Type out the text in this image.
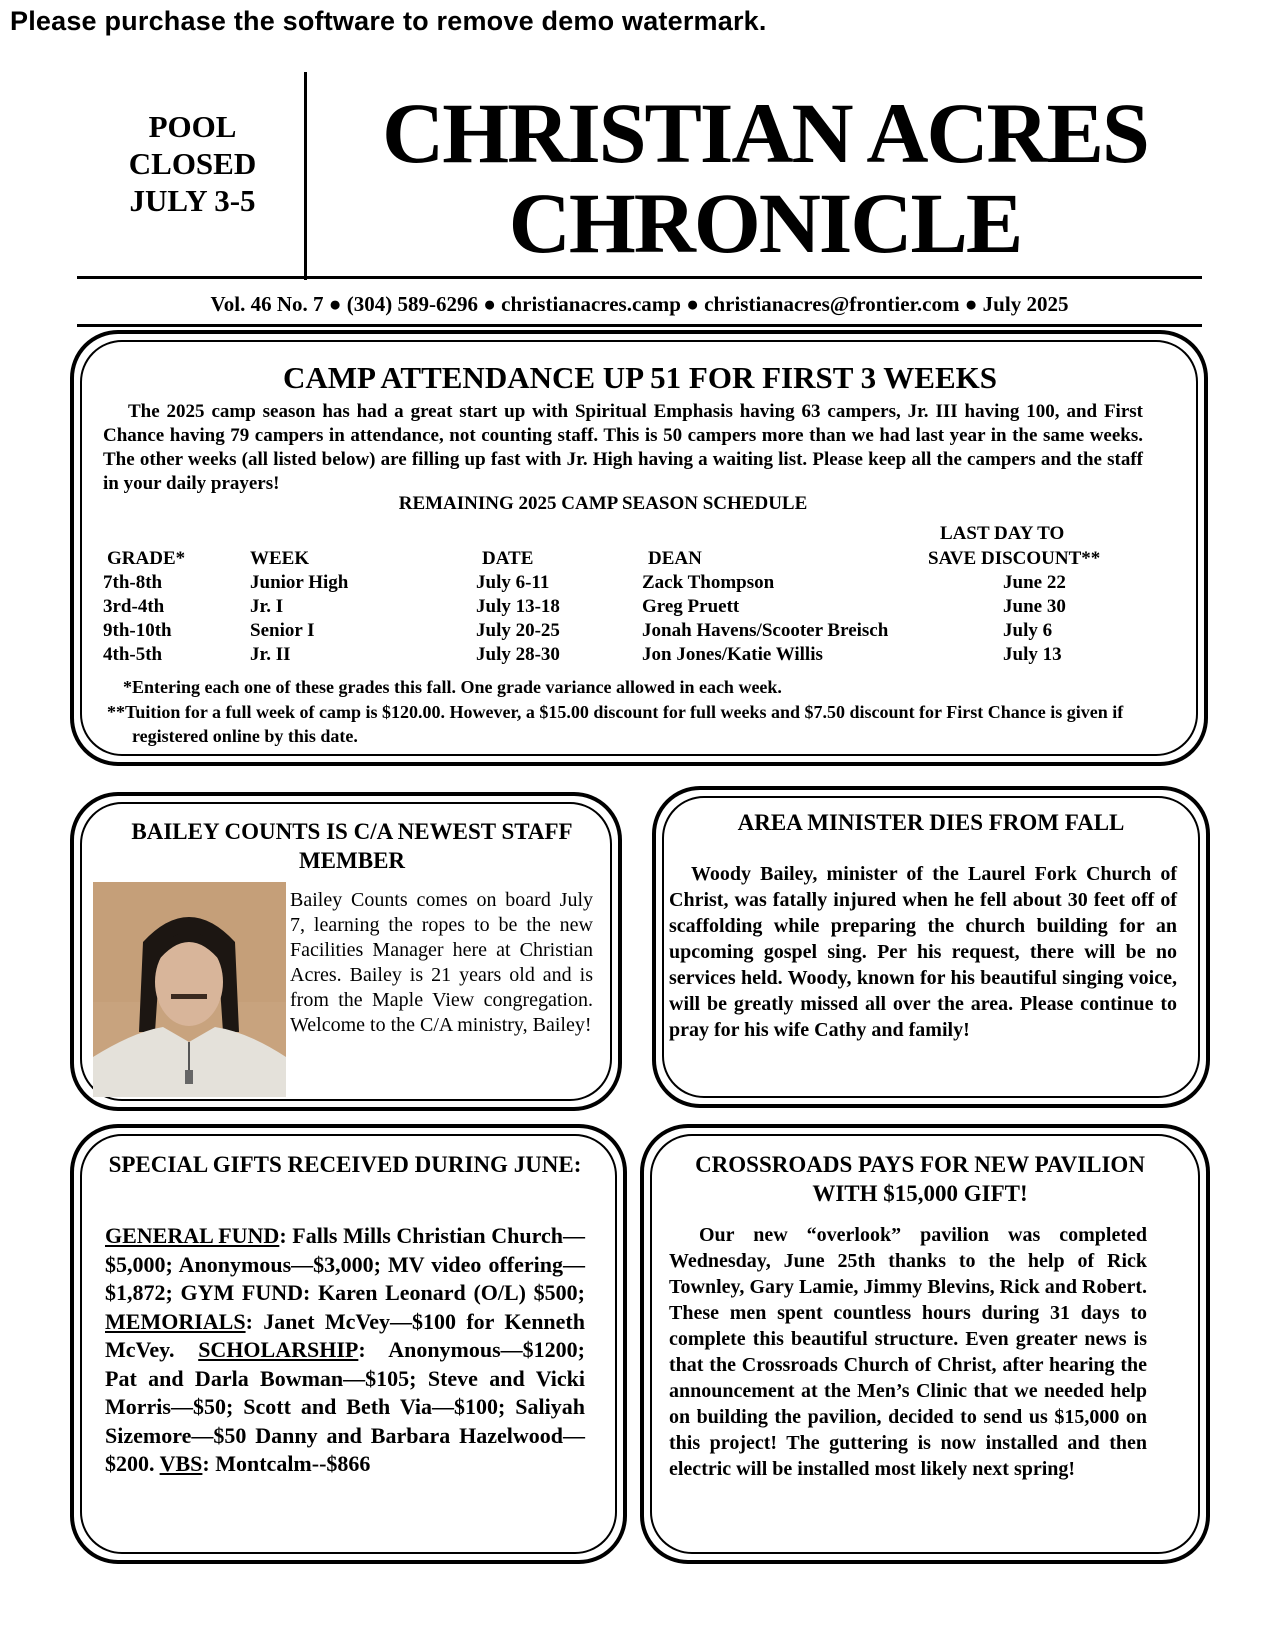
Please purchase the software to remove demo watermark.
POOL
CLOSED
JULY 3-5
CHRISTIAN ACRES
CHRONICLE
Vol. 46 No. 7 ● (304) 589-6296 ● christianacres.camp ● christianacres@frontier.com ● July 2025
CAMP ATTENDANCE UP 51 FOR FIRST 3 WEEKS
The 2025 camp season has had a great start up with Spiritual Emphasis having 63 campers, Jr. III having 100, and First Chance having 79 campers in attendance, not counting staff. This is 50 campers more than we had last year in the same weeks. The other weeks (all listed below) are filling up fast with Jr. High having a waiting list. Please keep all the campers and the staff in your daily prayers!
REMAINING 2025 CAMP SEASON SCHEDULE
LAST DAY TO
GRADE*	WEEK	DATE	DEAN	SAVE DISCOUNT**
7th-8th	Junior High	July 6-11	Zack Thompson	June 22
3rd-4th	Jr. I	July 13-18	Greg Pruett	June 30
9th-10th	Senior I	July 20-25	Jonah Havens/Scooter Breisch	July 6
4th-5th	Jr. II	July 28-30	Jon Jones/Katie Willis	July 13
*Entering each one of these grades this fall. One grade variance allowed in each week.
**Tuition for a full week of camp is $120.00. However, a $15.00 discount for full weeks and $7.50 discount for First Chance is given if registered online by this date.
BAILEY COUNTS IS C/A NEWEST STAFF MEMBER
Bailey Counts comes on board July 7, learning the ropes to be the new Facilities Manager here at Christian Acres. Bailey is 21 years old and is from the Maple View congregation. Welcome to the C/A ministry, Bailey!
AREA MINISTER DIES FROM FALL
Woody Bailey, minister of the Laurel Fork Church of Christ, was fatally injured when he fell about 30 feet off of scaffolding while preparing the church building for an upcoming gospel sing. Per his request, there will be no services held. Woody, known for his beautiful singing voice, will be greatly missed all over the area. Please continue to pray for his wife Cathy and family!
SPECIAL GIFTS RECEIVED DURING JUNE:
GENERAL FUND: Falls Mills Christian Church—$5,000; Anonymous—$3,000; MV video offering—$1,872; GYM FUND: Karen Leonard (O/L) $500; MEMORIALS: Janet McVey—$100 for Kenneth McVey. SCHOLARSHIP: Anonymous—$1200; Pat and Darla Bowman—$105; Steve and Vicki Morris—$50; Scott and Beth Via—$100; Saliyah Sizemore—$50 Danny and Barbara Hazelwood—$200. VBS: Montcalm--$866
CROSSROADS PAYS FOR NEW PAVILION WITH $15,000 GIFT!
Our new “overlook” pavilion was completed Wednesday, June 25th thanks to the help of Rick Townley, Gary Lamie, Jimmy Blevins, Rick and Robert. These men spent countless hours during 31 days to complete this beautiful structure. Even greater news is that the Crossroads Church of Christ, after hearing the announcement at the Men’s Clinic that we needed help on building the pavilion, decided to send us $15,000 on this project! The guttering is now installed and then electric will be installed most likely next spring!
